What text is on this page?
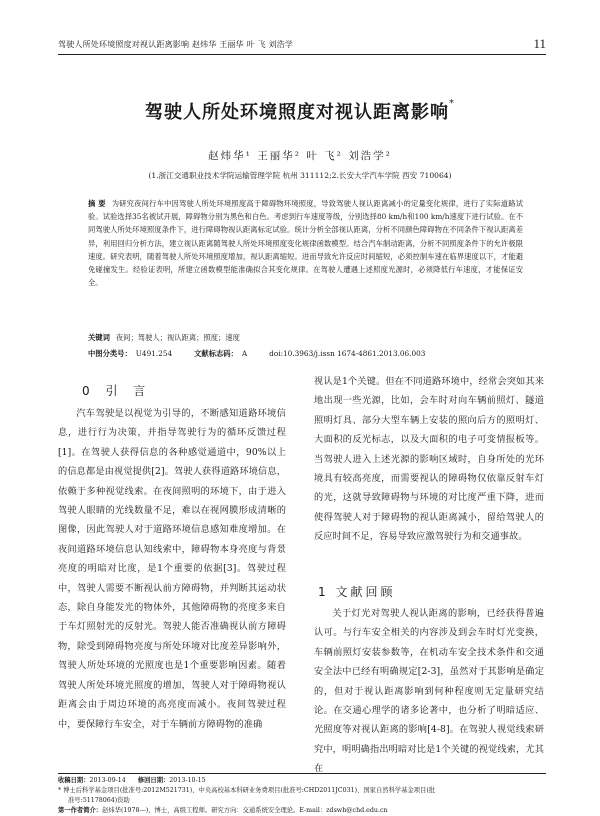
驾驶人所处环境照度对视认距离影响 赵炜华 王丽华 叶 飞 刘浩学	11
驾驶人所处环境照度对视认距离影响*
赵炜华¹ 王丽华² 叶 飞² 刘浩学²
(1.浙江交通职业技术学院运输管理学院 杭州 311112;2.长安大学汽车学院 西安 710064)
摘 要 为研究夜间行车中因驾驶人所处环境照度高于障碍物环境照度，导致驾驶人视认距离减小的定量变化规律，进行了实际道路试验。试验选择35名被试开展，障碍物分别为黑色和白色。考虑到行车速度等级，分别选择80 km/h和100 km/h速度下进行试验。在不同驾驶人所处环境照度条件下，进行障碍物视认距离标定试验。统计分析全部视认距离，分析不同颜色障碍物在不同条件下视认距离差异，利用回归分析方法，建立视认距离随驾驶人所处环境照度变化规律函数模型。结合汽车制动距离，分析不同照度条件下的允许极限速度。研究表明，随着驾驶人所处环境照度增加，视认距离缩短。进而导致允许反应时间缩短，必须控制车速在临界速度以下，才能避免碰撞发生。经验证表明，所建立函数模型能准确拟合其变化规律。在驾驶人遭遇上述照度光源时，必须降低行车速度，才能保证安全。
关键词 夜间；驾驶人；视认距离；照度；速度
中图分类号： U491.254	文献标志码： A	doi:10.3963/j.issn 1674-4861.2013.06.003
0 引 言
汽车驾驶是以视觉为引导的，不断感知道路环境信息，进行行为决策，并指导驾驶行为的循环反馈过程[1]。在驾驶人获得信息的各种感觉通道中，90%以上的信息都是由视觉提供[2]。驾驶人获得道路环境信息，依赖于多种视觉线索。在夜间照明的环境下，由于进入驾驶人眼睛的光线数量不足，难以在视网膜形成清晰的图像，因此驾驶人对于道路环境信息感知难度增加。在夜间道路环境信息认知线索中，障碍物本身亮度与背景亮度的明暗对比度，是1个重要的依据[3]。驾驶过程中，驾驶人需要不断视认前方障碍物，并判断其运动状态，除自身能发光的物体外，其他障碍物的亮度多来自于车灯照射光的反射光。驾驶人能否准确视认前方障碍物，除受到障碍物亮度与所处环境对比度差异影响外，驾驶人所处环境的光照度也是1个重要影响因素。随着驾驶人所处环境光照度的增加，驾驶人对于障碍物视认距离会由于周边环境的高亮度而减小。夜间驾驶过程中，要保障行车安全，对于车辆前方障碍物的准确
视认是1个关键。但在不同道路环境中，经常会突如其来地出现一些光源，比如，会车时对向车辆前照灯、隧道照明灯具、部分大型车辆上安装的照向后方的照明灯、大面积的反光标志，以及大面积的电子可变情报板等。当驾驶人进入上述光源的影响区域时，自身所处的光环境具有较高亮度，而需要视认的障碍物仅依靠反射车灯的光，这就导致障碍物与环境的对比度严重下降，进而使得驾驶人对于障碍物的视认距离减小，留给驾驶人的反应时间不足，容易导致应激驾驶行为和交通事故。
1 文献回顾
关于灯光对驾驶人视认距离的影响，已经获得普遍认可。与行车安全相关的内容涉及到会车时灯光变换，车辆前照灯安装参数等，在机动车安全技术条件和交通安全法中已经有明确规定[2-3]，虽然对于其影响是确定的，但对于视认距离影响到何种程度则无定量研究结论。在交通心理学的诸多论著中，也分析了明暗适应、光照度等对视认距离的影响[4-8]。在驾驶人视觉线索研究中，明明确指出明暗对比是1个关键的视觉线索，尤其在
收稿日期：2013-09-14 修回日期：2013-10-15
* 博士后科学基金项目(批准号:2012M521731)、中央高校基本科研业务费项目(批准号:CHD2011JC031)、国家自然科学基金项目(批
准号:51178064)资助
第一作者简介：赵炜华(1978—)，博士，高级工程师。研究方向：交通系统安全理论。E-mail：zdswh@chd.edu.cn
